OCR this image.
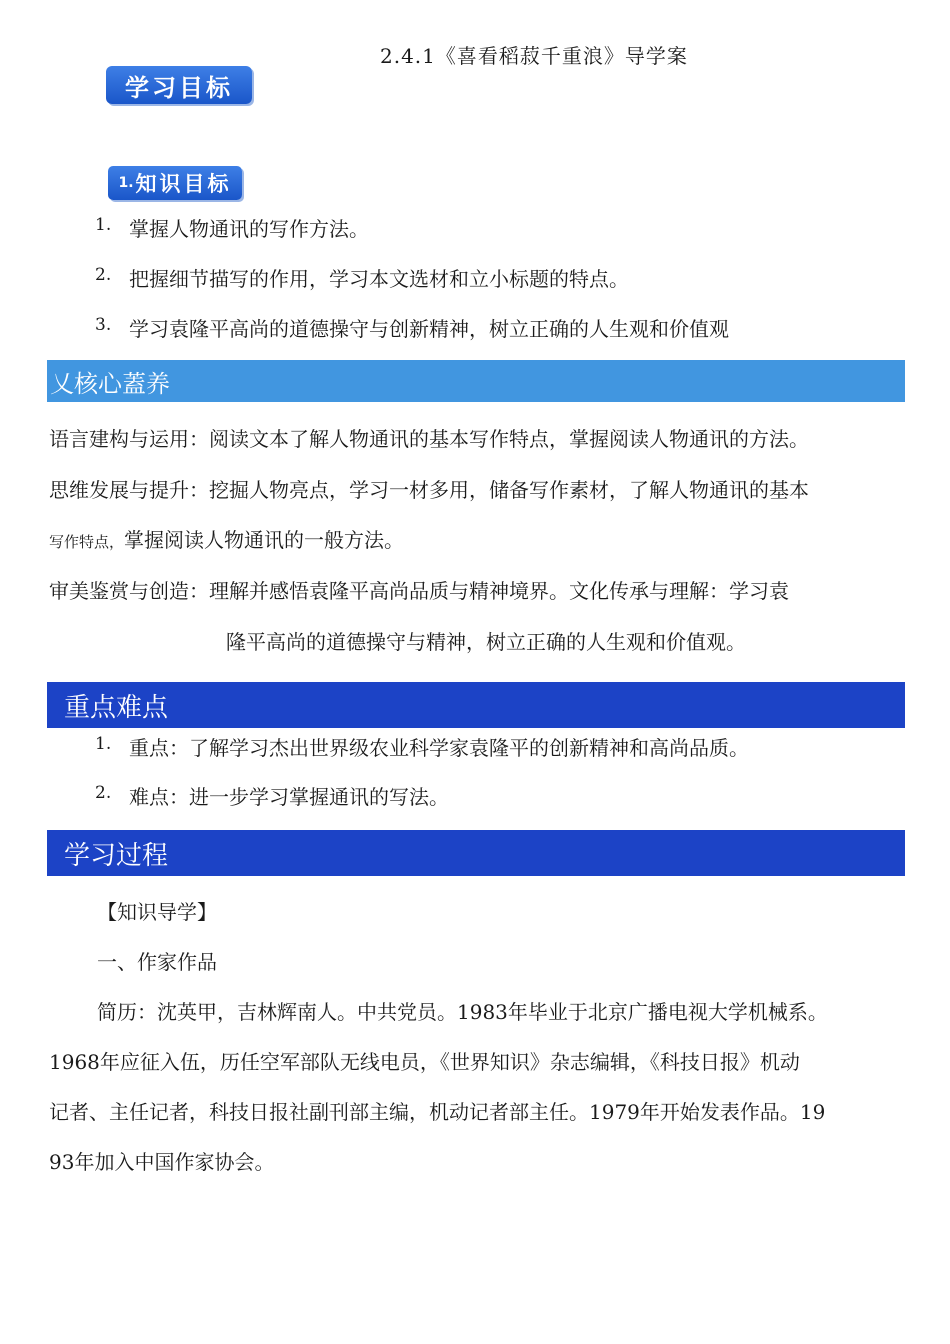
2.4.1《喜看稻菽千重浪》导学案
学习目标
1. 知识目标
1. 掌握人物通讯的写作方法。
2. 把握细节描写的作用，学习本文选材和立小标题的特点。
3. 学习袁隆平高尚的道德操守与创新精神，树立正确的人生观和价值观
乂核心蓋养
语言建构与运用：阅读文本了解人物通讯的基本写作特点，掌握阅读人物通讯的方法。
思维发展与提升：挖掘人物亮点，学习一材多用，储备写作素材，了解人物通讯的基本
写作特点，掌握阅读人物通讯的一般方法。
审美鉴赏与创造：理解并感悟袁隆平高尚品质与精神境界。文化传承与理解：学习袁
隆平高尚的道德操守与精神，树立正确的人生观和价值观。
重点难点
1. 重点：了解学习杰出世界级农业科学家袁隆平的创新精神和高尚品质。
2. 难点：进一步学习掌握通讯的写法。
学习过程
【知识导学】
一、作家作品
简历：沈英甲，吉林辉南人。中共党员。1983年毕业于北京广播电视大学机械系。
1968年应征入伍，历任空军部队无线电员，《世界知识》杂志编辑，《科技日报》机动
记者、主任记者，科技日报社副刊部主编，机动记者部主任。1979年开始发表作品。19
93年加入中国作家协会。
